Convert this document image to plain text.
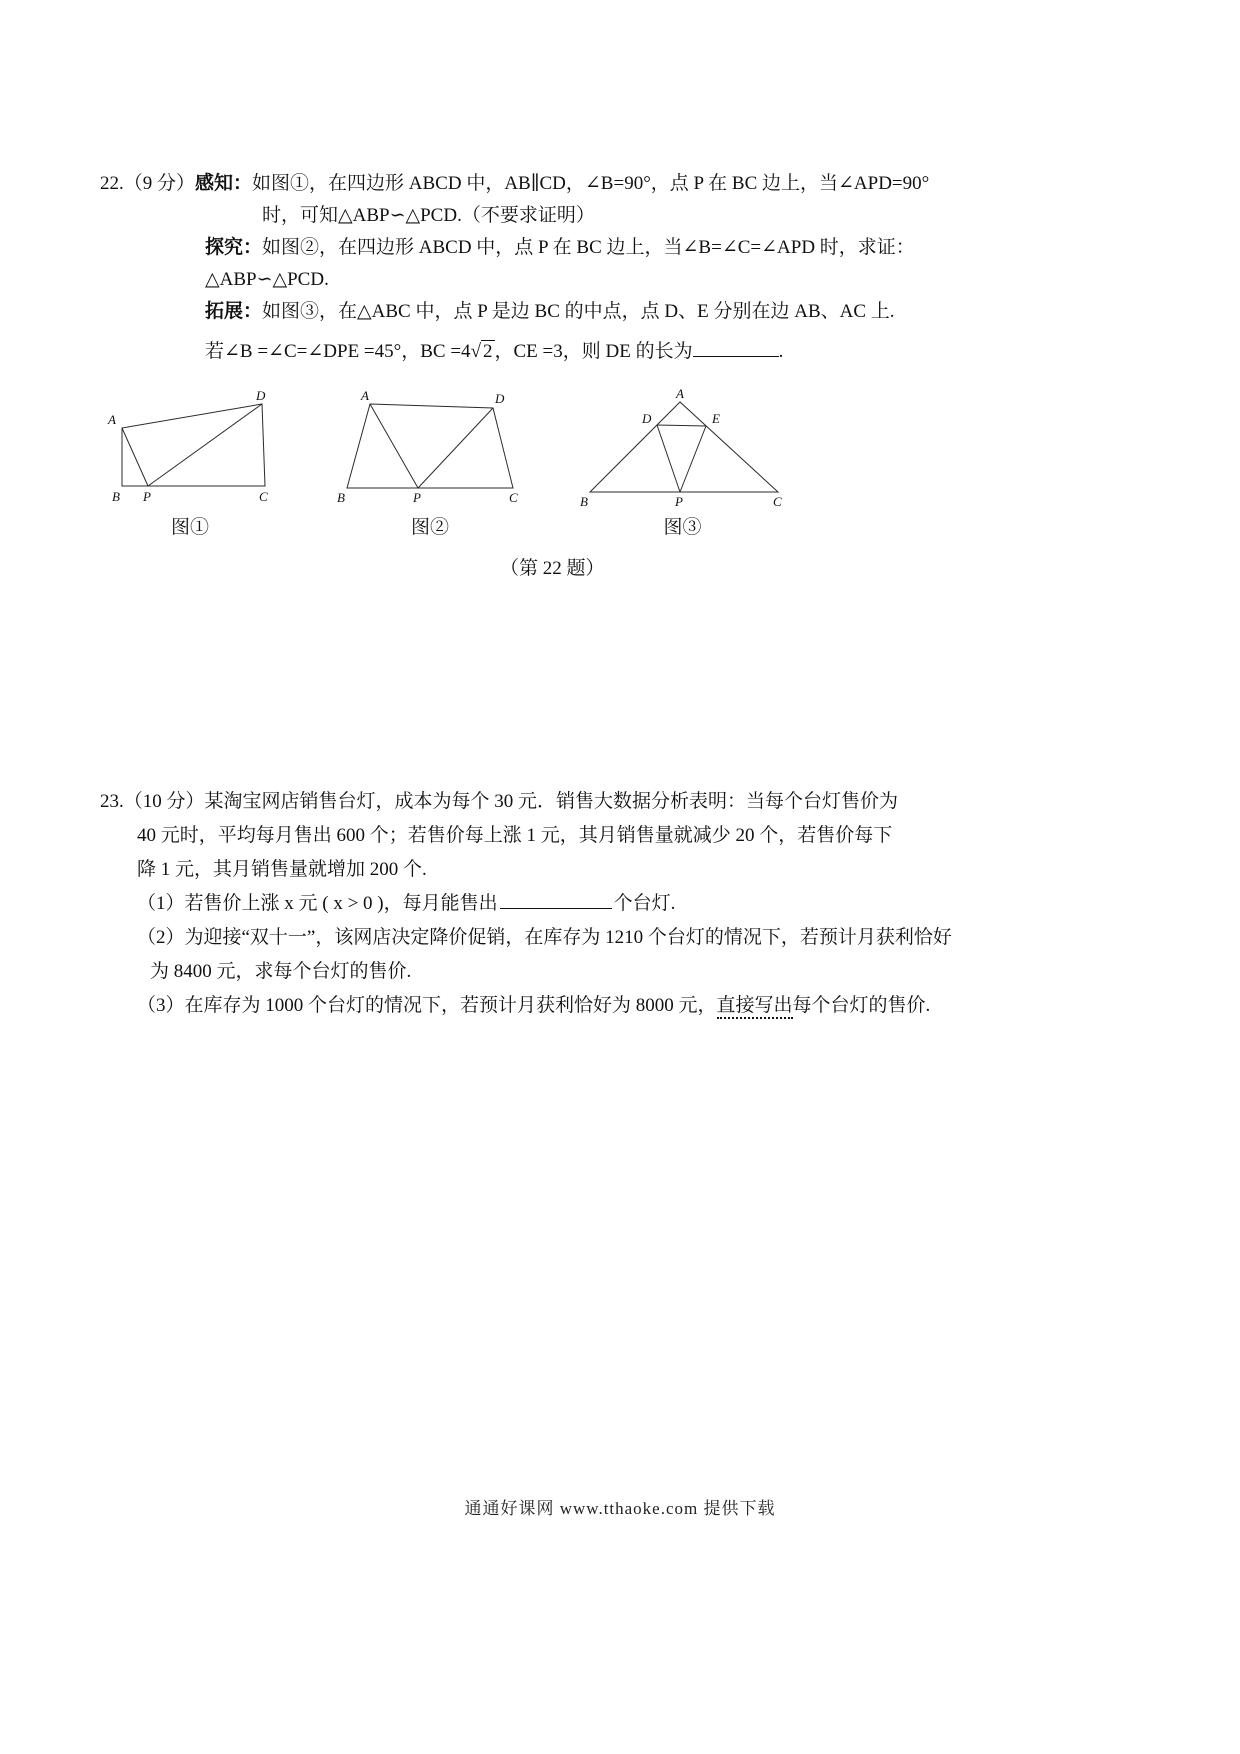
22.（9 分）感知：如图①，在四边形 ABCD 中，AB∥CD，∠B=90°，点 P 在 BC 边上，当∠APD=90°

时，可知△ABP∽△PCD.（不要求证明）

探究：如图②，在四边形 ABCD 中，点 P 在 BC 边上，当∠B=∠C=∠APD 时，求证：

△ABP∽△PCD.

拓展：如图③，在△ABC 中，点 P 是边 BC 的中点，点 D、E 分别在边 AB、AC 上.

若∠B =∠C=∠DPE =45°，BC =4√ 2 ，CE =3，则 DE 的长为	.

A
B P	C
D
图①
A	D
B	P	C
图②
A
D	E
B	P	C
图③

（第 22 题）

23.（10 分）某淘宝网店销售台灯，成本为每个 30 元．销售大数据分析表明：当每个台灯售价为

40 元时，平均每月售出 600 个；若售价每上涨 1 元，其月销售量就减少 20 个，若售价每下

降 1 元，其月销售量就增加 200 个.

（1）若售价上涨 x 元 ( x > 0 )，每月能售出	个台灯.

（2）为迎接“双十一”，该网店决定降价促销，在库存为 1210 个台灯的情况下，若预计月获利恰好

为 8400 元，求每个台灯的售价.

（3）在库存为 1000 个台灯的情况下，若预计月获利恰好为 8000 元，直接写出每个台灯的售价.

通通好课网 www.tthaoke.com 提供下载
